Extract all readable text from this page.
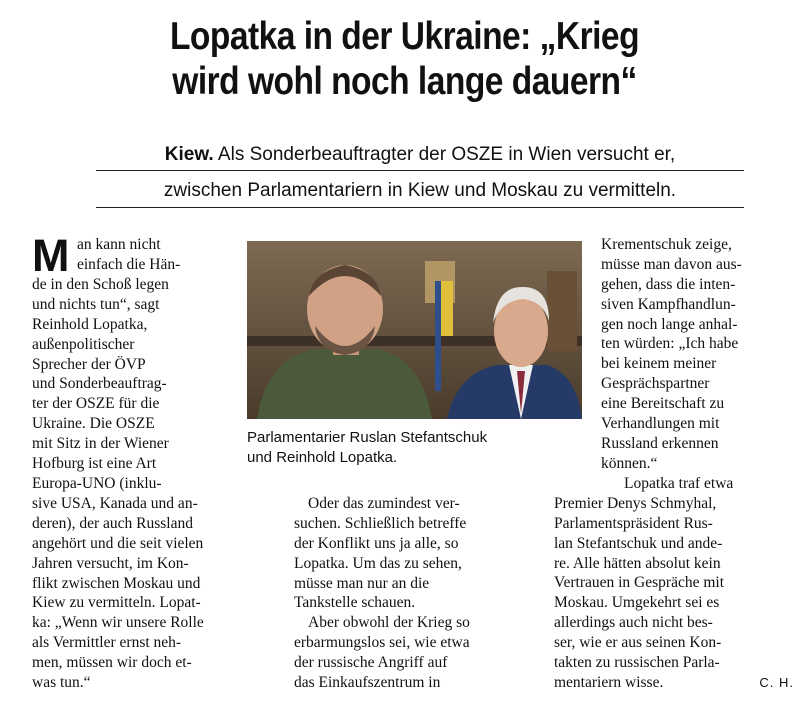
Lopatka in der Ukraine: „Krieg
wird wohl noch lange dauern“
Kiew. Als Sonderbeauftragter der OSZE in Wien versucht er,
zwischen Parlamentariern in Kiew und Moskau zu vermitteln.
M an kann nicht
einfach die Hän-
de in den Schoß legen
und nichts tun“, sagt
Reinhold Lopatka,
außenpolitischer
Sprecher der ÖVP
und Sonderbeauftrag-
ter der OSZE für die
Ukraine. Die OSZE
mit Sitz in der Wiener
Hofburg ist eine Art
Europa-UNO (inklu-
sive USA, Kanada und an-
deren), der auch Russland
angehört und die seit vielen
Jahren versucht, im Kon-
flikt zwischen Moskau und
Kiew zu vermitteln. Lopat-
ka: „Wenn wir unsere Rolle
als Vermittler ernst neh-
men, müssen wir doch et-
was tun.“
Parlamentarier Ruslan Stefantschuk
und Reinhold Lopatka.
Oder das zumindest ver-
suchen. Schließlich betreffe
der Konflikt uns ja alle, so
Lopatka. Um das zu sehen,
müsse man nur an die
Tankstelle schauen.
Aber obwohl der Krieg so
erbarmungslos sei, wie etwa
der russische Angriff auf
das Einkaufszentrum in
Krementschuk zeige,
müsse man davon aus-
gehen, dass die inten-
siven Kampfhandlun-
gen noch lange anhal-
ten würden: „Ich habe
bei keinem meiner
Gesprächspartner
eine Bereitschaft zu
Verhandlungen mit
Russland erkennen
können.“
Lopatka traf etwa
Premier Denys Schmyhal,
Parlamentspräsident Rus-
lan Stefantschuk und ande-
re. Alle hätten absolut kein
Vertrauen in Gespräche mit
Moskau. Umgekehrt sei es
allerdings auch nicht bes-
ser, wie er aus seinen Kon-
takten zu russischen Parla-
mentariern wisse.	C. H.
